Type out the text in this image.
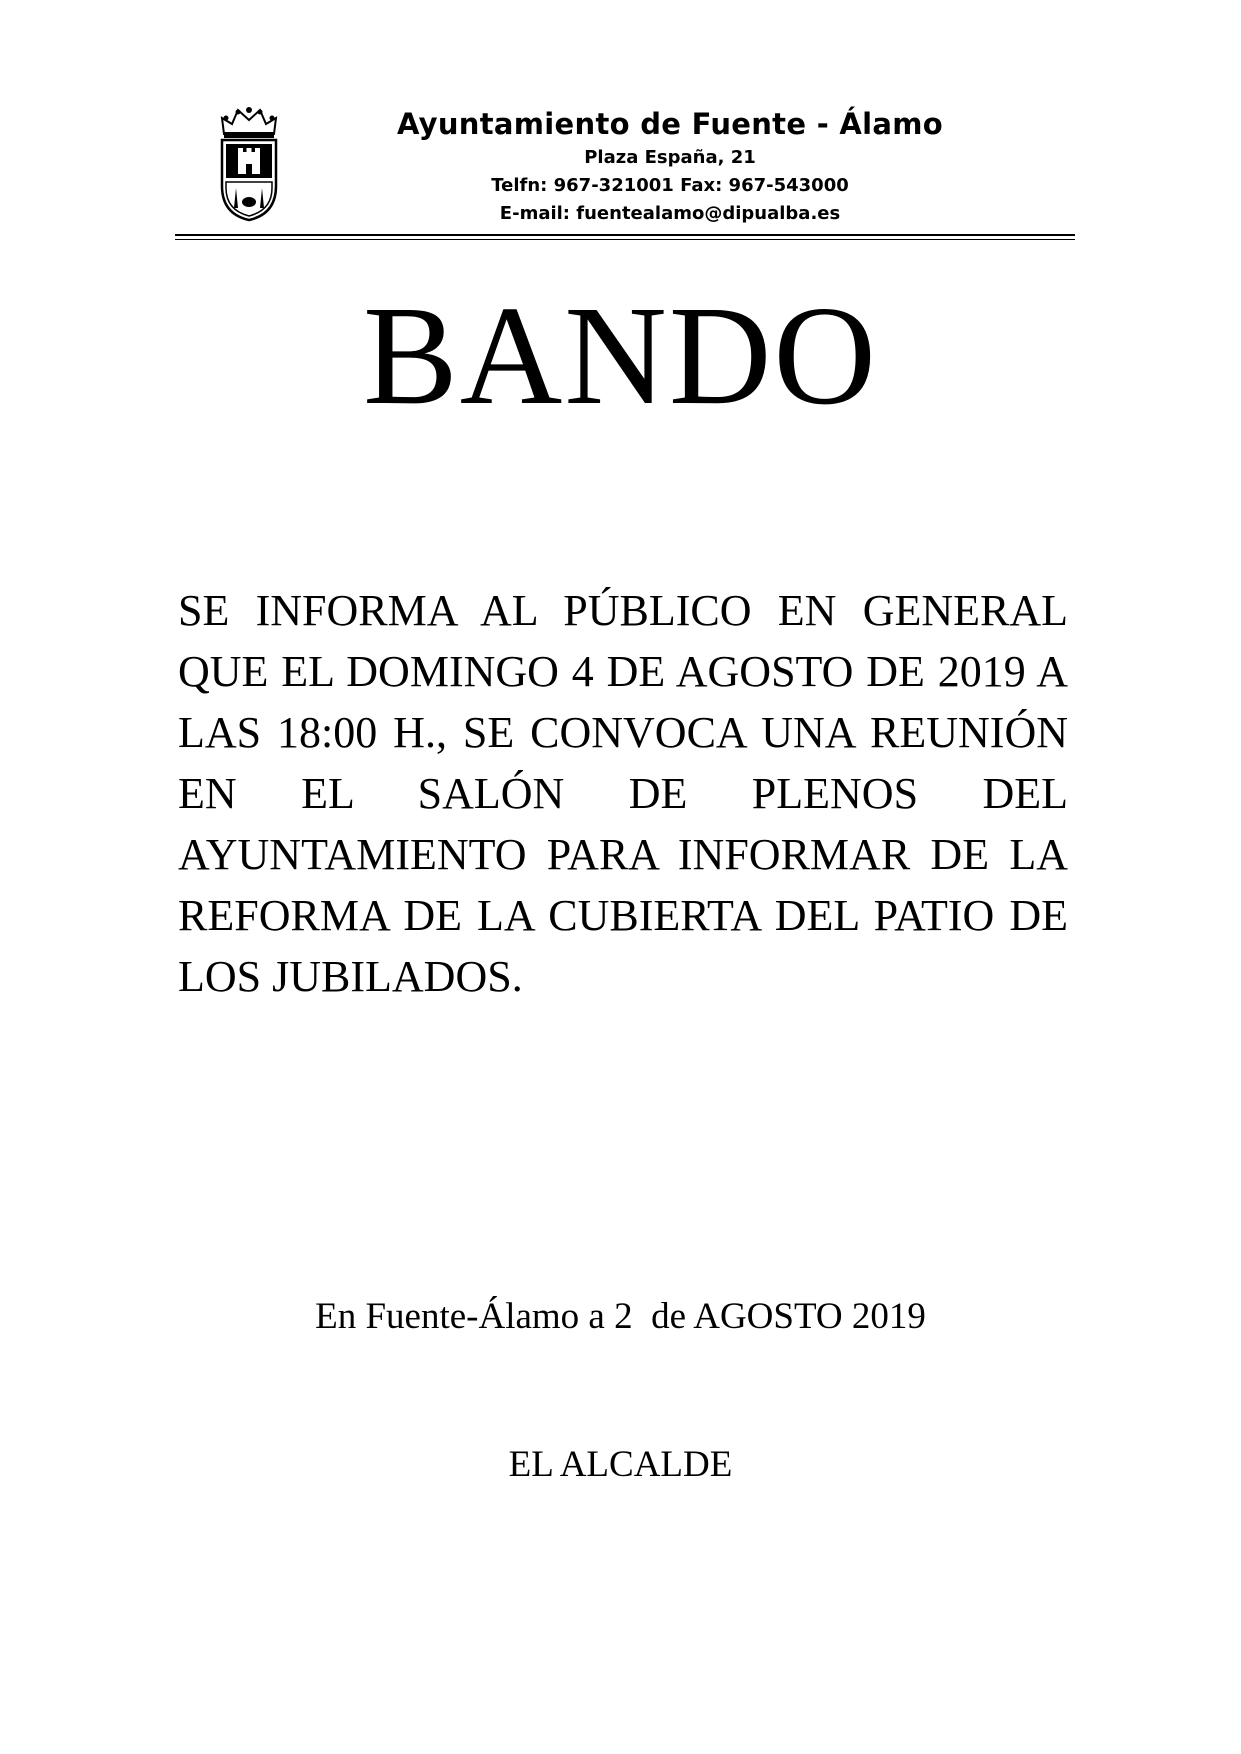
Ayuntamiento de Fuente - Álamo
Plaza España, 21
Telfn: 967-321001 Fax: 967-543000
E-mail: fuentealamo@dipualba.es
BANDO

SE INFORMA AL PÚBLICO EN GENERAL QUE EL DOMINGO 4 DE AGOSTO DE 2019 A LAS 18:00 H., SE CONVOCA UNA REUNIÓN EN EL SALÓN DE PLENOS DEL AYUNTAMIENTO PARA INFORMAR DE LA REFORMA DE LA CUBIERTA DEL PATIO DE LOS JUBILADOS.

En Fuente-Álamo a 2  de AGOSTO 2019
EL ALCALDE
